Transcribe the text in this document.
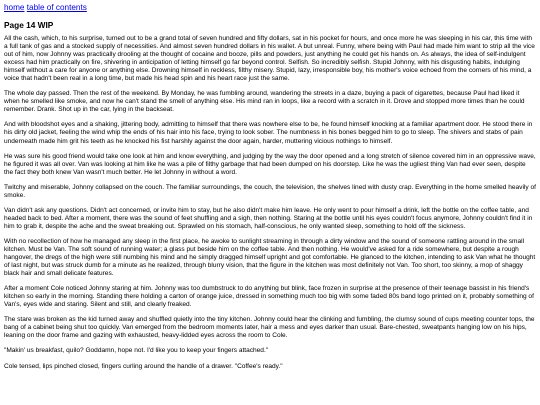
home table of contents
Page 14 WIP

All the cash, which, to his surprise, turned out to be a grand total of seven hundred and fifty dollars, sat in his pocket for hours, and once more he was sleeping in his car, this time with a full tank of gas and a stocked supply of necessities. And almost seven hundred dollars in his wallet. A but unreal. Funny, where being with Paul had made him want to strip all the vice out of him, now Johnny was practically drooling at the thought of cocaine and booze, pills and powders, just anything he could get his hands on. As always, the idea of self-indulgent excess had him practically on fire, shivering in anticipation of letting himself go far beyond control. Selfish. So incredibly selfish. Stupid Johnny, with his disgusting habits, indulging himself without a care for anyone or anything else. Drowning himself in reckless, filthy misery. Stupid, lazy, irresponsible boy, his mother's voice echoed from the corners of his mind, a voice that hadn't been real in a long time, but made his head spin and his heart race just the same.

The whole day passed. Then the rest of the weekend. By Monday, he was fumbling around, wandering the streets in a daze, buying a pack of cigarettes, because Paul had liked it when he smelled like smoke, and now he can't stand the smell of anything else. His mind ran in loops, like a record with a scratch in it. Drove and stopped more times than he could remember. Drank. Shot up in the car, lying in the backseat.

And with bloodshot eyes and a shaking, jittering body, admitting to himself that there was nowhere else to be, he found himself knocking at a familiar apartment door. He stood there in his dirty old jacket, feeling the wind whip the ends of his hair into his face, trying to look sober. The numbness in his bones begged him to go to sleep. The shivers and stabs of pain underneath made him grit his teeth as he knocked his fist harshly against the door again, harder, muttering vicious nothings to himself.

He was sure his good friend would take one look at him and know everything, and judging by the way the door opened and a long stretch of silence covered him in an oppressive wave, he figured it was all over. Van was looking at him like he was a pile of filthy garbage that had been dumped on his doorstep. Like he was the ugliest thing Van had ever seen, despite the fact they both knew Van wasn't much better. He let Johnny in without a word.

Twitchy and miserable, Johnny collapsed on the couch. The familiar surroundings, the couch, the television, the shelves lined with dusty crap. Everything in the home smelled heavily of smoke.

Van didn't ask any questions. Didn't act concerned, or invite him to stay, but he also didn't make him leave. He only went to pour himself a drink, left the bottle on the coffee table, and headed back to bed. After a moment, there was the sound of feet shuffling and a sigh, then nothing. Staring at the bottle until his eyes couldn't focus anymore, Johnny couldn't find it in him to grab it, despite the ache and the sweat breaking out. Sprawled on his stomach, half-conscious, he only wanted sleep, something to hold off the sickness.

With no recollection of how he managed any sleep in the first place, he awoke to sunlight streaming in through a dirty window and the sound of someone rattling around in the small kitchen. Must be Van. The soft sound of running water; a glass put beside him on the coffee table. And then nothing. He would've asked for a ride somewhere, but despite a rough hangover, the dregs of the high were still numbing his mind and he simply dragged himself upright and got comfortable. He glanced to the kitchen, intending to ask Van what he thought of last night, but was struck dumb for a minute as he realized, through blurry vision, that the figure in the kitchen was most definitely not Van. Too short, too skinny, a mop of shaggy black hair and small delicate features.

After a moment Cole noticed Johnny staring at him. Johnny was too dumbstruck to do anything but blink, face frozen in surprise at the presence of their teenage bassist in his friend's kitchen so early in the morning. Standing there holding a carton of orange juice, dressed in something much too big with some faded 80s band logo printed on it, probably something of Van's, eyes wide and staring. Silent and still, and clearly freaked.

The stare was broken as the kid turned away and shuffled quietly into the tiny kitchen. Johnny could hear the clinking and fumbling, the clumsy sound of cups meeting counter tops, the bang of a cabinet being shut too quickly. Van emerged from the bedroom moments later, hair a mess and eyes darker than usual. Bare-chested, sweatpants hanging low on his hips, leaning on the door frame and gazing with exhausted, heavy-lidded eyes across the room to Cole.

"Makin' us breakfast, quilo? Goddamn, hope not. I'd like you to keep your fingers attached."

Cole tensed, lips pinched closed, fingers curling around the handle of a drawer. "Coffee's ready."
